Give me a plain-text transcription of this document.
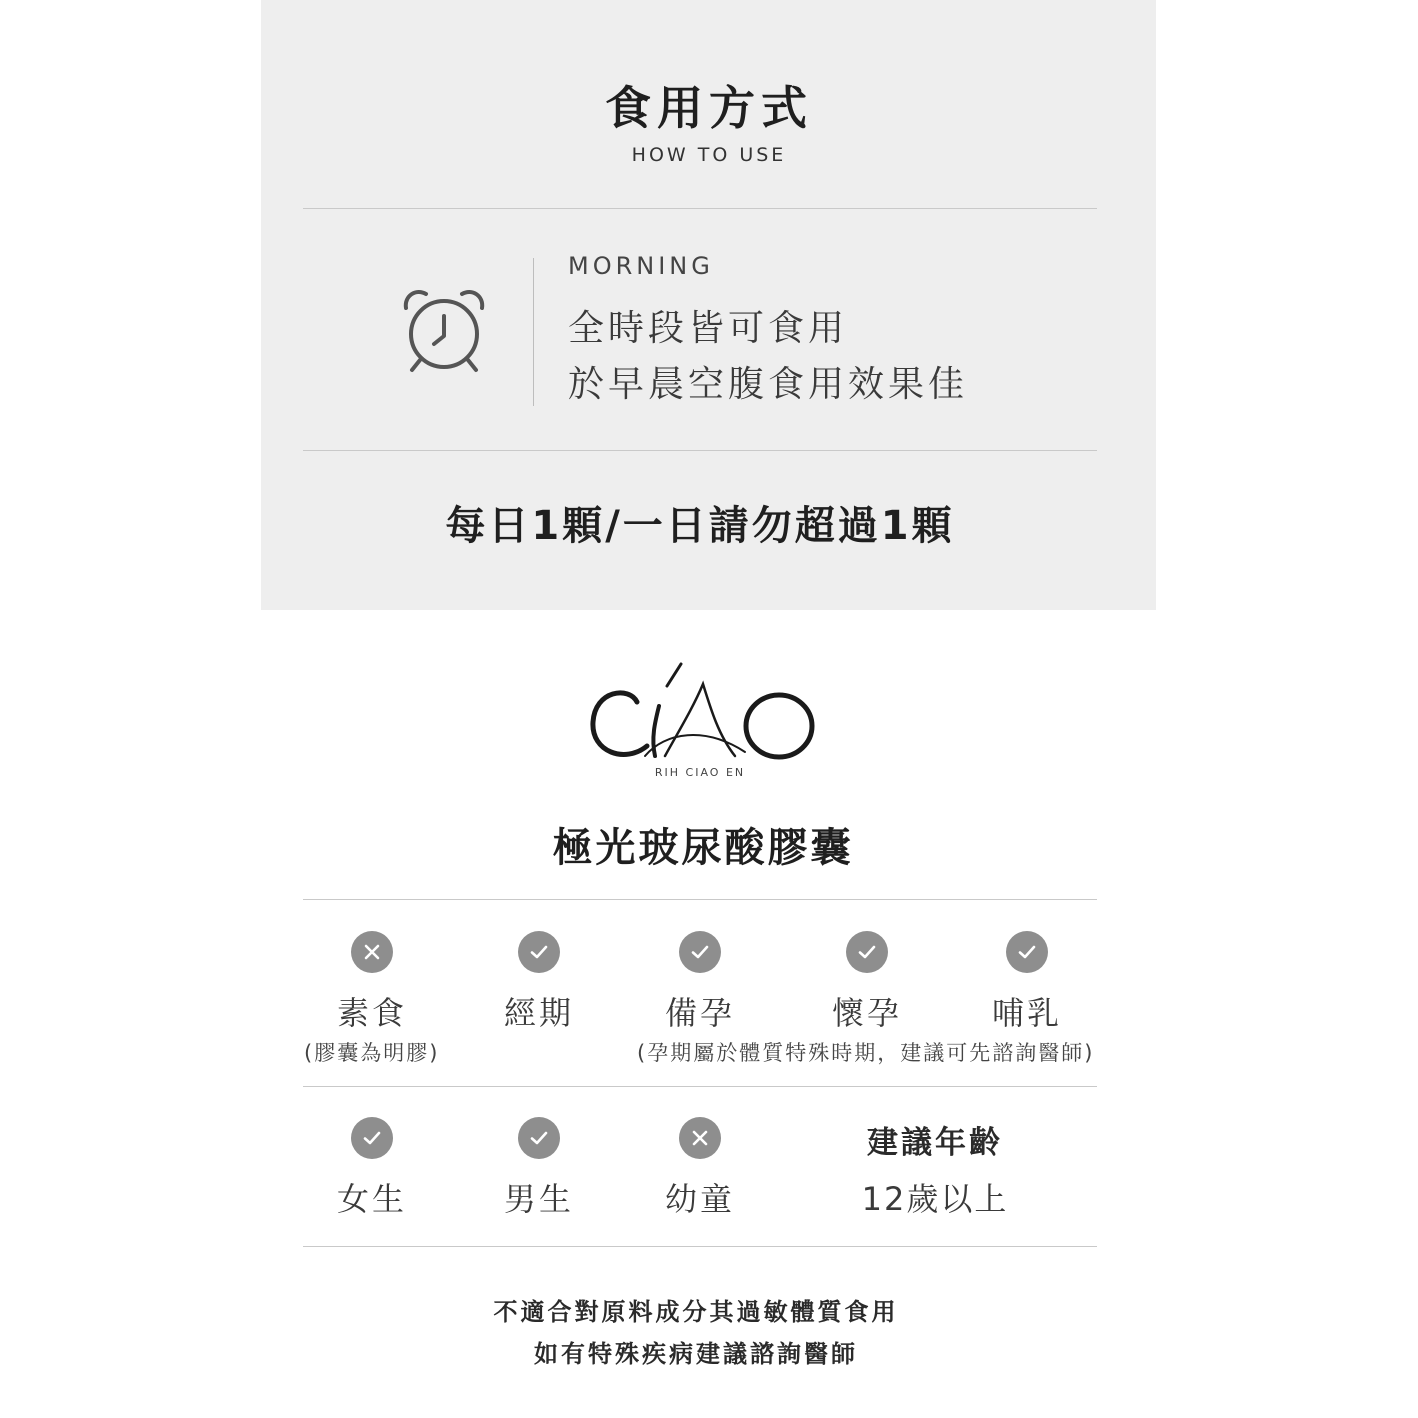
食用方式
HOW TO USE
MORNING
全時段皆可食用
於早晨空腹食用效果佳
每日1顆/一日請勿超過1顆
RIH CIAO EN
極光玻尿酸膠囊
素食	經期	備孕	懷孕	哺乳
(膠囊為明膠)	(孕期屬於體質特殊時期，建議可先諮詢醫師)
女生	男生	幼童
建議年齡
12歲以上
不適合對原料成分其過敏體質食用
如有特殊疾病建議諮詢醫師
